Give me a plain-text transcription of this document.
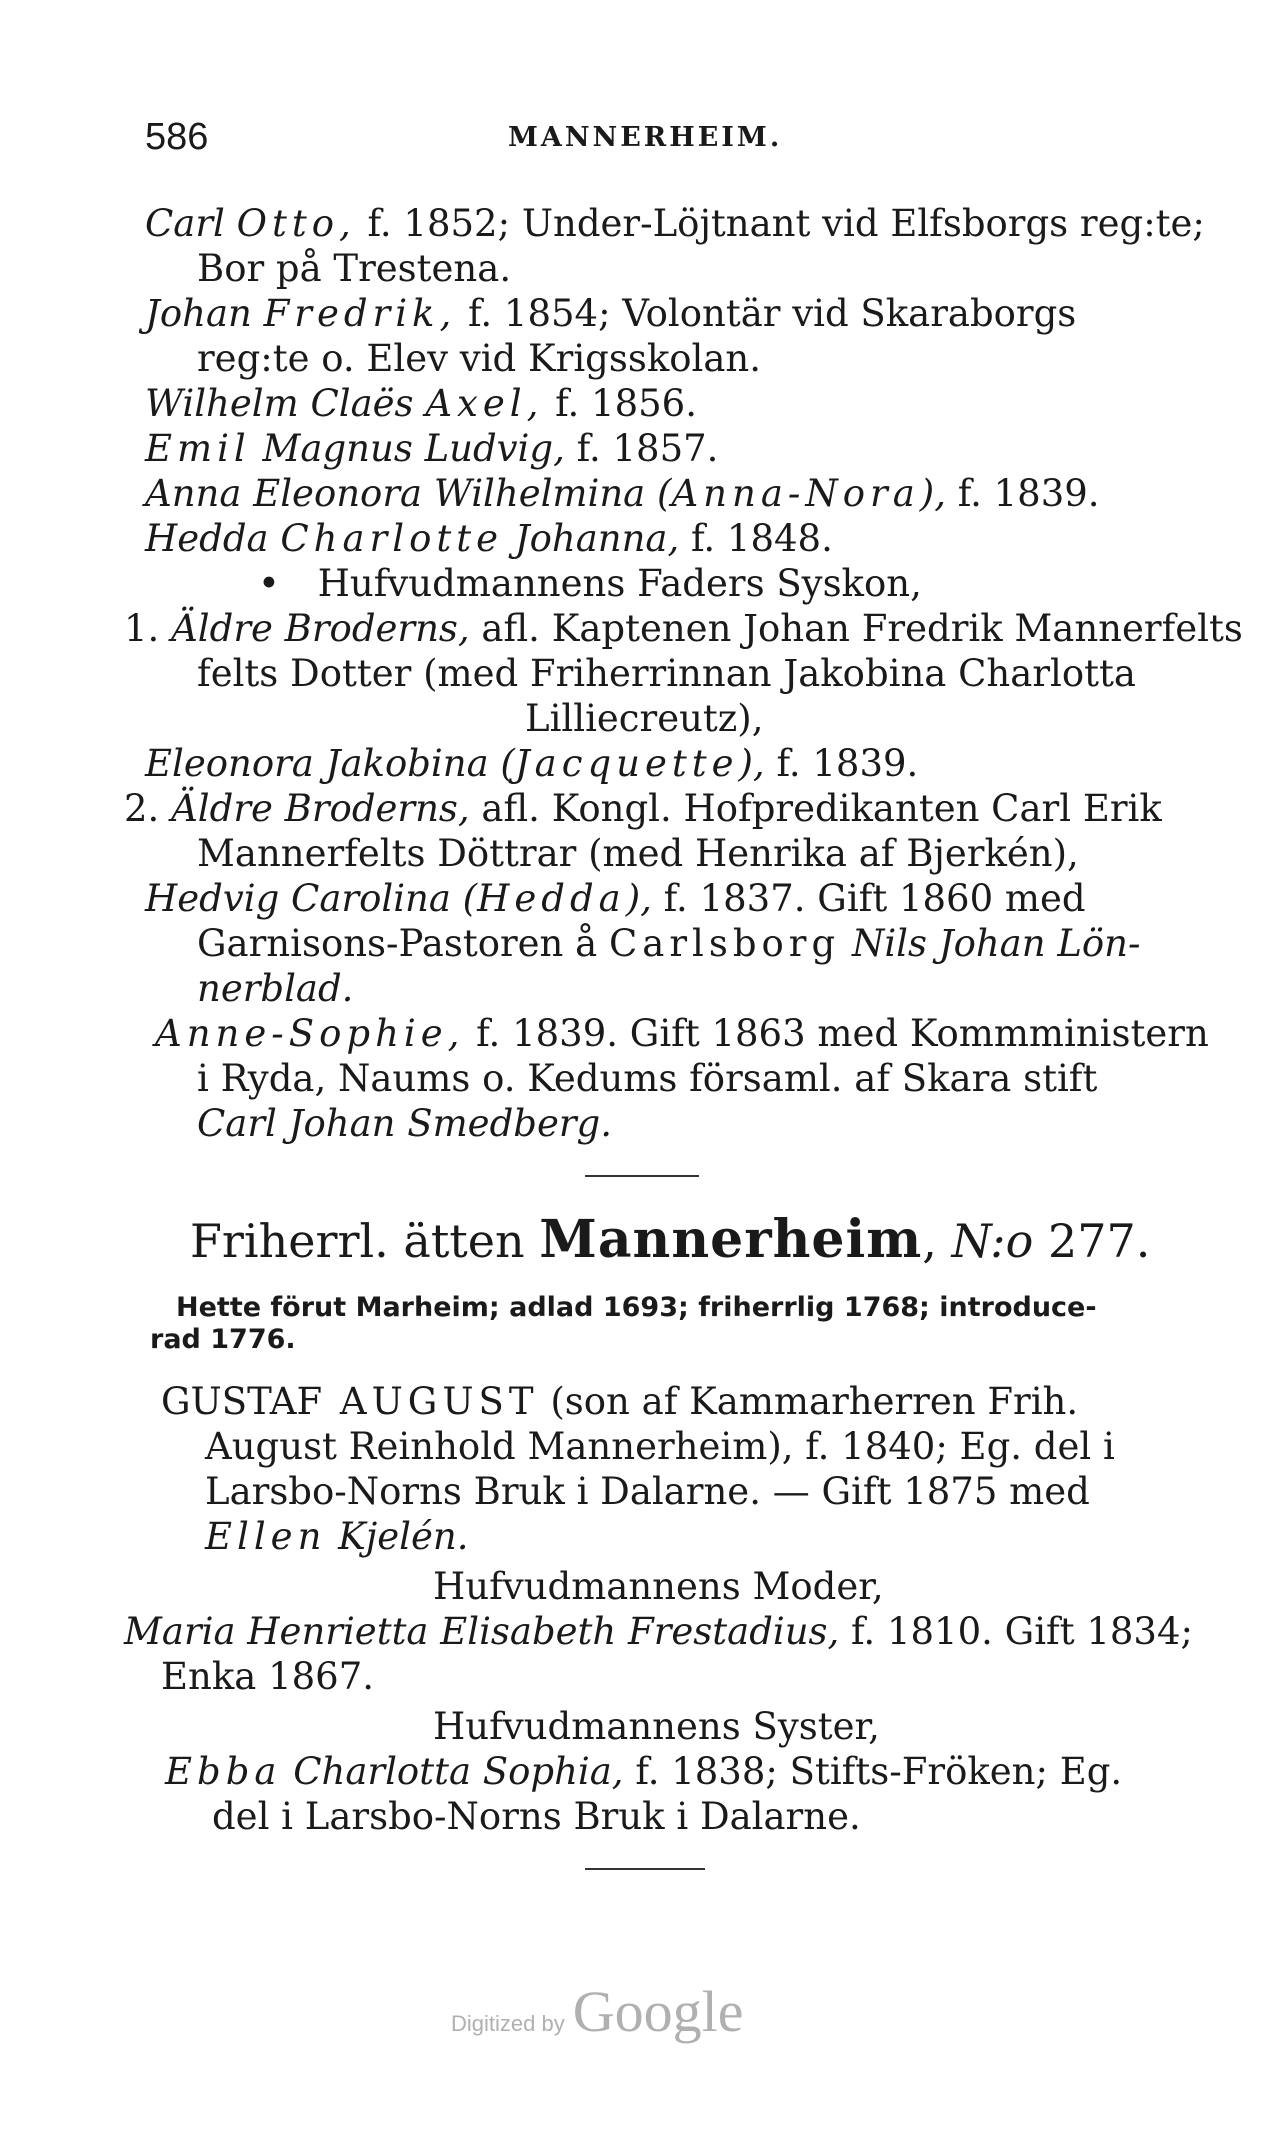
586	MANNERHEIM.
Carl Otto, f. 1852; Under-Löjtnant vid Elfsborgs reg:te;
Bor på Trestena.
Johan Fredrik, f. 1854; Volontär vid Skaraborgs
reg:te o. Elev vid Krigsskolan.
Wilhelm Claës Axel, f. 1856.
Emil Magnus Ludvig, f. 1857.
Anna Eleonora Wilhelmina (Anna-Nora), f. 1839.
Hedda Charlotte Johanna, f. 1848.
• Hufvudmannens Faders Syskon,
1. Äldre Broderns, afl. Kaptenen Johan Fredrik Mannerfelts
felts Dotter (med Friherrinnan Jakobina Charlotta
Lilliecreutz),
Eleonora Jakobina (Jacquette), f. 1839.
2. Äldre Broderns, afl. Kongl. Hofpredikanten Carl Erik
Mannerfelts Döttrar (med Henrika af Bjerkén),
Hedvig Carolina (Hedda), f. 1837. Gift 1860 med
Garnisons-Pastoren å Carlsborg Nils Johan Lön-
nerblad.
Anne-Sophie, f. 1839. Gift 1863 med Kommministern
i Ryda, Naums o. Kedums församl. af Skara stift
Carl Johan Smedberg.
Friherrl. ätten Mannerheim, N:o 277.
Hette förut Marheim; adlad 1693; friherrlig 1768; introduce-
rad 1776.
GUSTAF AUGUST (son af Kammarherren Frih.
August Reinhold Mannerheim), f. 1840; Eg. del i
Larsbo-Norns Bruk i Dalarne. — Gift 1875 med
Ellen Kjelén.
Hufvudmannens Moder,
Maria Henrietta Elisabeth Frestadius, f. 1810. Gift 1834;
Enka 1867.
Hufvudmannens Syster,
Ebba Charlotta Sophia, f. 1838; Stifts-Fröken; Eg.
del i Larsbo-Norns Bruk i Dalarne.
Digitized by Google
